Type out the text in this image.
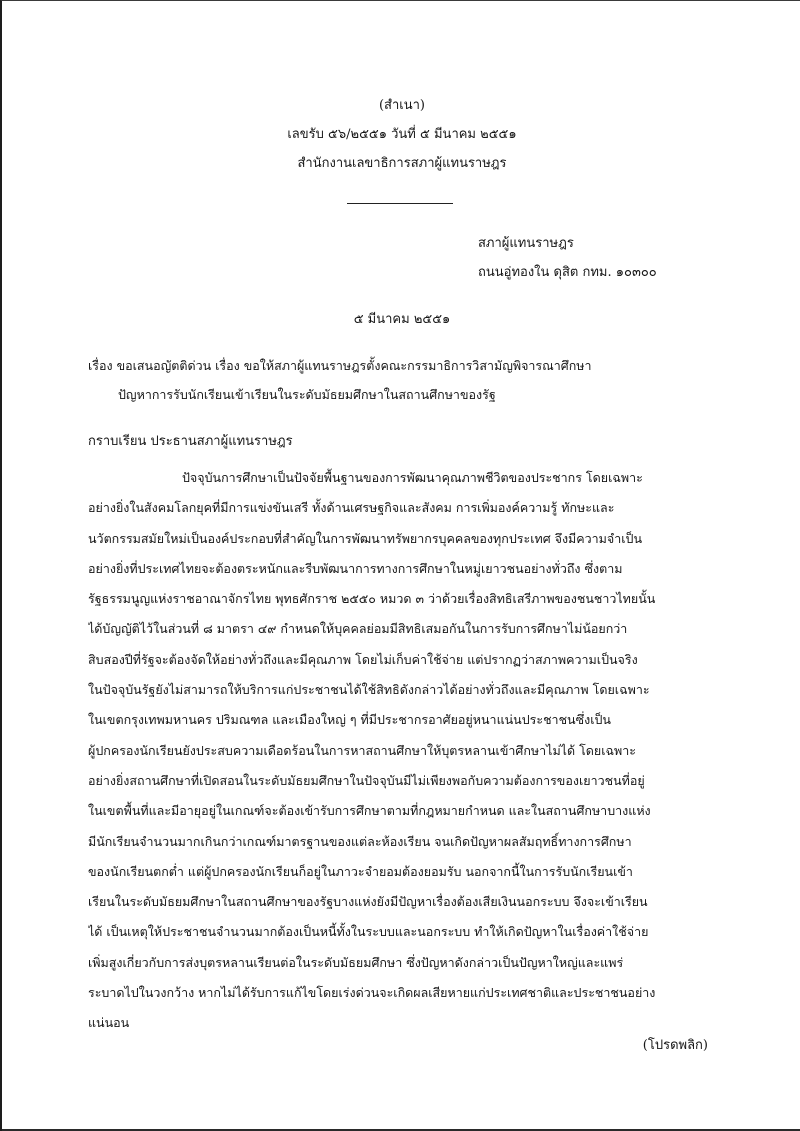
(สำเนา)
เลขรับ ๕๖/๒๕๕๑ วันที่ ๕ มีนาคม ๒๕๕๑
สำนักงานเลขาธิการสภาผู้แทนราษฎร
สภาผู้แทนราษฎร
ถนนอู่ทองใน ดุสิต กทม. ๑๐๓๐๐
๕ มีนาคม ๒๕๕๑
เรื่อง ขอเสนอญัตติด่วน เรื่อง ขอให้สภาผู้แทนราษฎรตั้งคณะกรรมาธิการวิสามัญพิจารณาศึกษา
ปัญหาการรับนักเรียนเข้าเรียนในระดับมัธยมศึกษาในสถานศึกษาของรัฐ
กราบเรียน ประธานสภาผู้แทนราษฎร
ปัจจุบันการศึกษาเป็นปัจจัยพื้นฐานของการพัฒนาคุณภาพชีวิตของประชากร โดยเฉพาะ
อย่างยิ่งในสังคมโลกยุคที่มีการแข่งขันเสรี ทั้งด้านเศรษฐกิจและสังคม การเพิ่มองค์ความรู้ ทักษะและ
นวัตกรรมสมัยใหม่เป็นองค์ประกอบที่สำคัญในการพัฒนาทรัพยากรบุคคลของทุกประเทศ จึงมีความจำเป็น
อย่างยิ่งที่ประเทศไทยจะต้องตระหนักและรีบพัฒนาการทางการศึกษาในหมู่เยาวชนอย่างทั่วถึง ซึ่งตาม
รัฐธรรมนูญแห่งราชอาณาจักรไทย พุทธศักราช ๒๕๕๐ หมวด ๓ ว่าด้วยเรื่องสิทธิเสรีภาพของชนชาวไทยนั้น
ได้บัญญัติไว้ในส่วนที่ ๘ มาตรา ๔๙ กำหนดให้บุคคลย่อมมีสิทธิเสมอกันในการรับการศึกษาไม่น้อยกว่า
สิบสองปีที่รัฐจะต้องจัดให้อย่างทั่วถึงและมีคุณภาพ โดยไม่เก็บค่าใช้จ่าย แต่ปรากฏว่าสภาพความเป็นจริง
ในปัจจุบันรัฐยังไม่สามารถให้บริการแก่ประชาชนได้ใช้สิทธิดังกล่าวได้อย่างทั่วถึงและมีคุณภาพ โดยเฉพาะ
ในเขตกรุงเทพมหานคร ปริมณฑล และเมืองใหญ่ ๆ ที่มีประชากรอาศัยอยู่หนาแน่นประชาชนซึ่งเป็น
ผู้ปกครองนักเรียนยังประสบความเดือดร้อนในการหาสถานศึกษาให้บุตรหลานเข้าศึกษาไม่ได้ โดยเฉพาะ
อย่างยิ่งสถานศึกษาที่เปิดสอนในระดับมัธยมศึกษาในปัจจุบันมีไม่เพียงพอกับความต้องการของเยาวชนที่อยู่
ในเขตพื้นที่และมีอายุอยู่ในเกณฑ์จะต้องเข้ารับการศึกษาตามที่กฎหมายกำหนด และในสถานศึกษาบางแห่ง
มีนักเรียนจำนวนมากเกินกว่าเกณฑ์มาตรฐานของแต่ละห้องเรียน จนเกิดปัญหาผลสัมฤทธิ์ทางการศึกษา
ของนักเรียนตกต่ำ แต่ผู้ปกครองนักเรียนก็อยู่ในภาวะจำยอมต้องยอมรับ นอกจากนี้ในการรับนักเรียนเข้า
เรียนในระดับมัธยมศึกษาในสถานศึกษาของรัฐบางแห่งยังมีปัญหาเรื่องต้องเสียเงินนอกระบบ จึงจะเข้าเรียน
ได้ เป็นเหตุให้ประชาชนจำนวนมากต้องเป็นหนี้ทั้งในระบบและนอกระบบ ทำให้เกิดปัญหาในเรื่องค่าใช้จ่าย
เพิ่มสูงเกี่ยวกับการส่งบุตรหลานเรียนต่อในระดับมัธยมศึกษา ซึ่งปัญหาดังกล่าวเป็นปัญหาใหญ่และแพร่
ระบาดไปในวงกว้าง หากไม่ได้รับการแก้ไขโดยเร่งด่วนจะเกิดผลเสียหายแก่ประเทศชาติและประชาชนอย่าง
แน่นอน
(โปรดพลิก)
